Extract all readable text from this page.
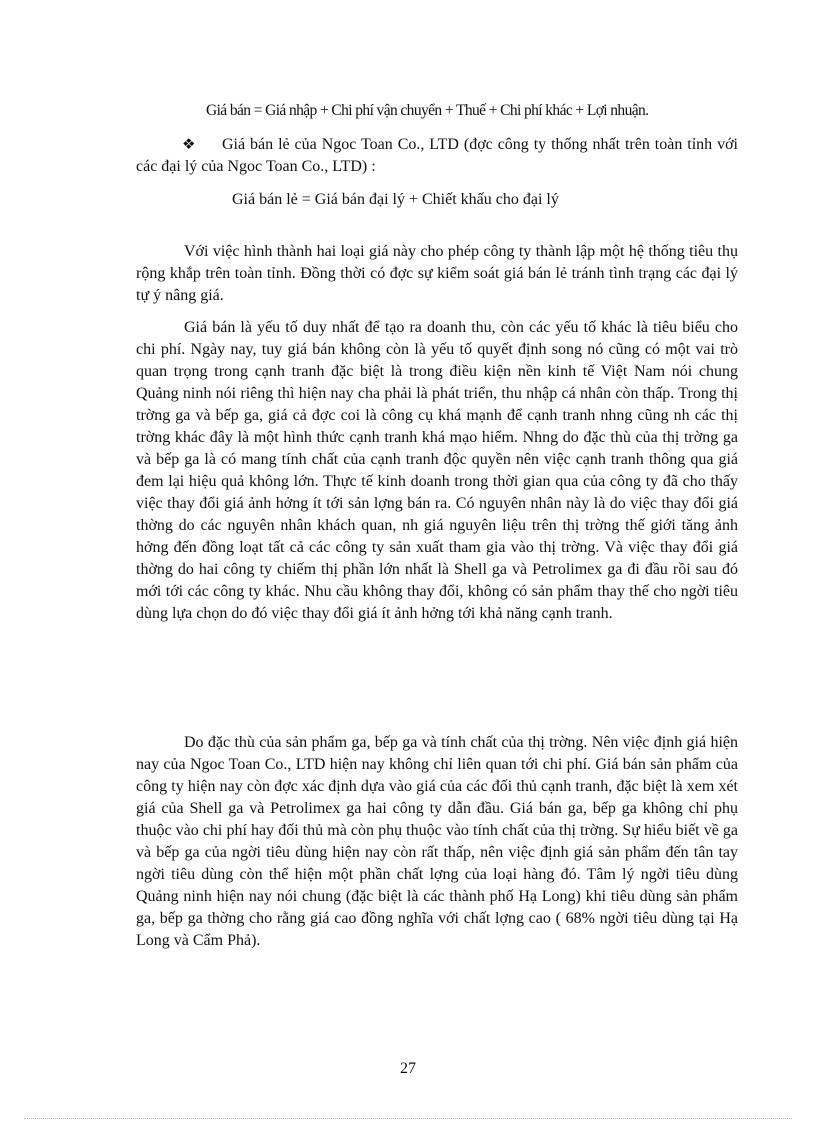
Giá bán = Giá nhập + Chi phí vận chuyển + Thuế + Chi phí khác + Lợi nhuận.
❖ Giá bán lẻ của Ngoc Toan Co., LTD (đợc công ty thống nhất trên toàn tỉnh với các đại lý của Ngoc Toan Co., LTD) :
Giá bán lẻ = Giá bán đại lý + Chiết khấu cho đại lý

Với việc hình thành hai loại giá này cho phép công ty thành lập một hệ thống tiêu thụ rộng khắp trên toàn tỉnh. Đồng thời có đợc sự kiểm soát giá bán lẻ tránh tình trạng các đại lý tự ý nâng giá.

Giá bán là yếu tố duy nhất để tạo ra doanh thu, còn các yếu tố khác là tiêu biểu cho chi phí. Ngày nay, tuy giá bán không còn là yếu tố quyết định song nó cũng có một vai trò quan trọng trong cạnh tranh đặc biệt là trong điều kiện nền kinh tế Việt Nam nói chung Quảng ninh nói riêng thì hiện nay cha phải là phát triển, thu nhập cá nhân còn thấp. Trong thị trờng ga và bếp ga, giá cả đợc coi là công cụ khá mạnh để cạnh tranh nhng cũng nh các thị trờng khác đây là một hình thức cạnh tranh khá mạo hiểm. Nhng do đặc thù của thị trờng ga và bếp ga là có mang tính chất của cạnh tranh độc quyền nên việc cạnh tranh thông qua giá đem lại hiệu quả không lớn. Thực tế kinh doanh trong thời gian qua của công ty đã cho thấy việc thay đổi giá ảnh hởng ít tới sản lợng bán ra. Có nguyên nhân này là do việc thay đổi giá thờng do các nguyên nhân khách quan, nh giá nguyên liệu trên thị trờng thế giới tăng ảnh hởng đến đồng loạt tất cả các công ty sản xuất tham gia vào thị trờng. Và việc thay đổi giá thờng do hai công ty chiếm thị phần lớn nhất là Shell ga và Petrolimex ga đi đầu rồi sau đó mới tới các công ty khác. Nhu cầu không thay đổi, không có sản phẩm thay thế cho ngời tiêu dùng lựa chọn do đó việc thay đổi giá ít ảnh hởng tới khả năng cạnh tranh.

Do đặc thù của sản phẩm ga, bếp ga và tính chất của thị trờng. Nên việc định giá hiện nay của Ngoc Toan Co., LTD hiện nay không chỉ liên quan tới chi phí. Giá bán sản phẩm của công ty hiện nay còn đợc xác định dựa vào giá của các đối thủ cạnh tranh, đặc biệt là xem xét giá của Shell ga và Petrolimex ga hai công ty dẫn đầu. Giá bán ga, bếp ga không chỉ phụ thuộc vào chi phí hay đối thủ mà còn phụ thuộc vào tính chất của thị trờng. Sự hiểu biết về ga và bếp ga của ngời tiêu dùng hiện nay còn rất thấp, nên việc định giá sản phẩm đến tân tay ngời tiêu dùng còn thể hiện một phần chất lợng của loại hàng đó. Tâm lý ngời tiêu dùng Quảng ninh hiện nay nói chung (đặc biệt là các thành phố Hạ Long) khi tiêu dùng sản phẩm ga, bếp ga thờng cho rằng giá cao đồng nghĩa với chất lợng cao ( 68% ngời tiêu dùng tại Hạ Long và Cẩm Phả).

27
